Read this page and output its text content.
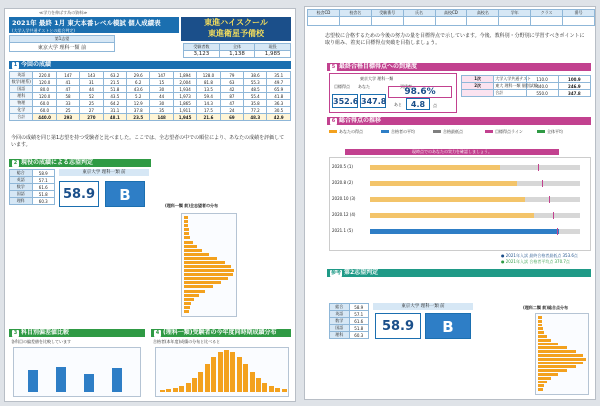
≪学力を伸ばす為の資料≫
2021年 最終 1月 東大本番レベル模試 個人成績表
(大学入学共通テストとの総合判定)
東進ハイスクール
東進衛星予備校
第1志望
東京大学 理科一類 前	受験者数	全体	現役
3,123	1,138	1,985
1 今回の成績
英語	220.0	147	143	63.2	29.6	147	1,894	128.0	79	38.6	35.1
数学(理系)	120.0	41	31	21.5	6.2	15	2,004	81.8	63	55.3	49.7
国語	80.0	47	44	51.8	43.6	30	1,934	13.5	42	48.5	65.9
理科	120.0	58	52	43.5	5.2	44	1,973	59.4	87	55.4	41.8
物理	60.0	33	25	64.2	12.9	30	1,865	14.3	47	35.8	36.3
化学	60.0	25	27	31.1	37.8	35	1,911	17.5	24	77.2	30.5
合計	440.0	293	270	48.1	23.5	148	1,945	21.6	69	48.3	42.9
今回の成績を同じ第1志望を持つ受験者と比べました。ここでは、全志望者の中での順位により、あなたの成績を評価しています。
2 現役の成績による志望判定
総合	58.9
英語	57.1
数学	61.6
国語	51.8
理科	60.3
東京大学 理科一類 前
58.9	B
(理科一類 前)全志望者の分布
3 科目別偏差値比較
各科目の偏差値を比較しています
4 (理科一類)受験者の今年度同時期成績分布
合格者(本年度)成績の分布と比べると
校舎CD	校舎名	受験番号	氏名	高校CD	高校名	学年	クラス	番号

志望校に合格するための今後の努力の量を目標得点で示しています。今後、教科別・分野別に学習すべきポイントに取り組み、着実に目標得点突破を目指しましょう。
5 最終合格目標得点への到達度
東京大学 理科一類
目標得点 あなた	到達率
98.6%
352.6 347.8 あと	4.8	点
1次	大学入学共通テスト	110.0	100.9
2次	東大 理科一類 個別試験	440.0	246.9
	合計	550.0	347.8
6 総合得点の推移
あなたの得点	合格者の平均	合格最低点	目標得点ライン	全体平均
現時点でのあなたの実力を確認しましょう。
2020.5 (1)
2020.8 (2)
2020.10 (3)
2020.12 (4)
2021.1 (5)
● 2021年入試 最終合格者最低点 353.6点
● 2021年入試 合格者平均点 370.7点
参考 第2志望判定
総合	58.9
英語	57.1
数学	61.6
国語	51.8
理科	60.3
東京大学 理科一類 前
58.9	B
(理科二類 前)総合点分布
